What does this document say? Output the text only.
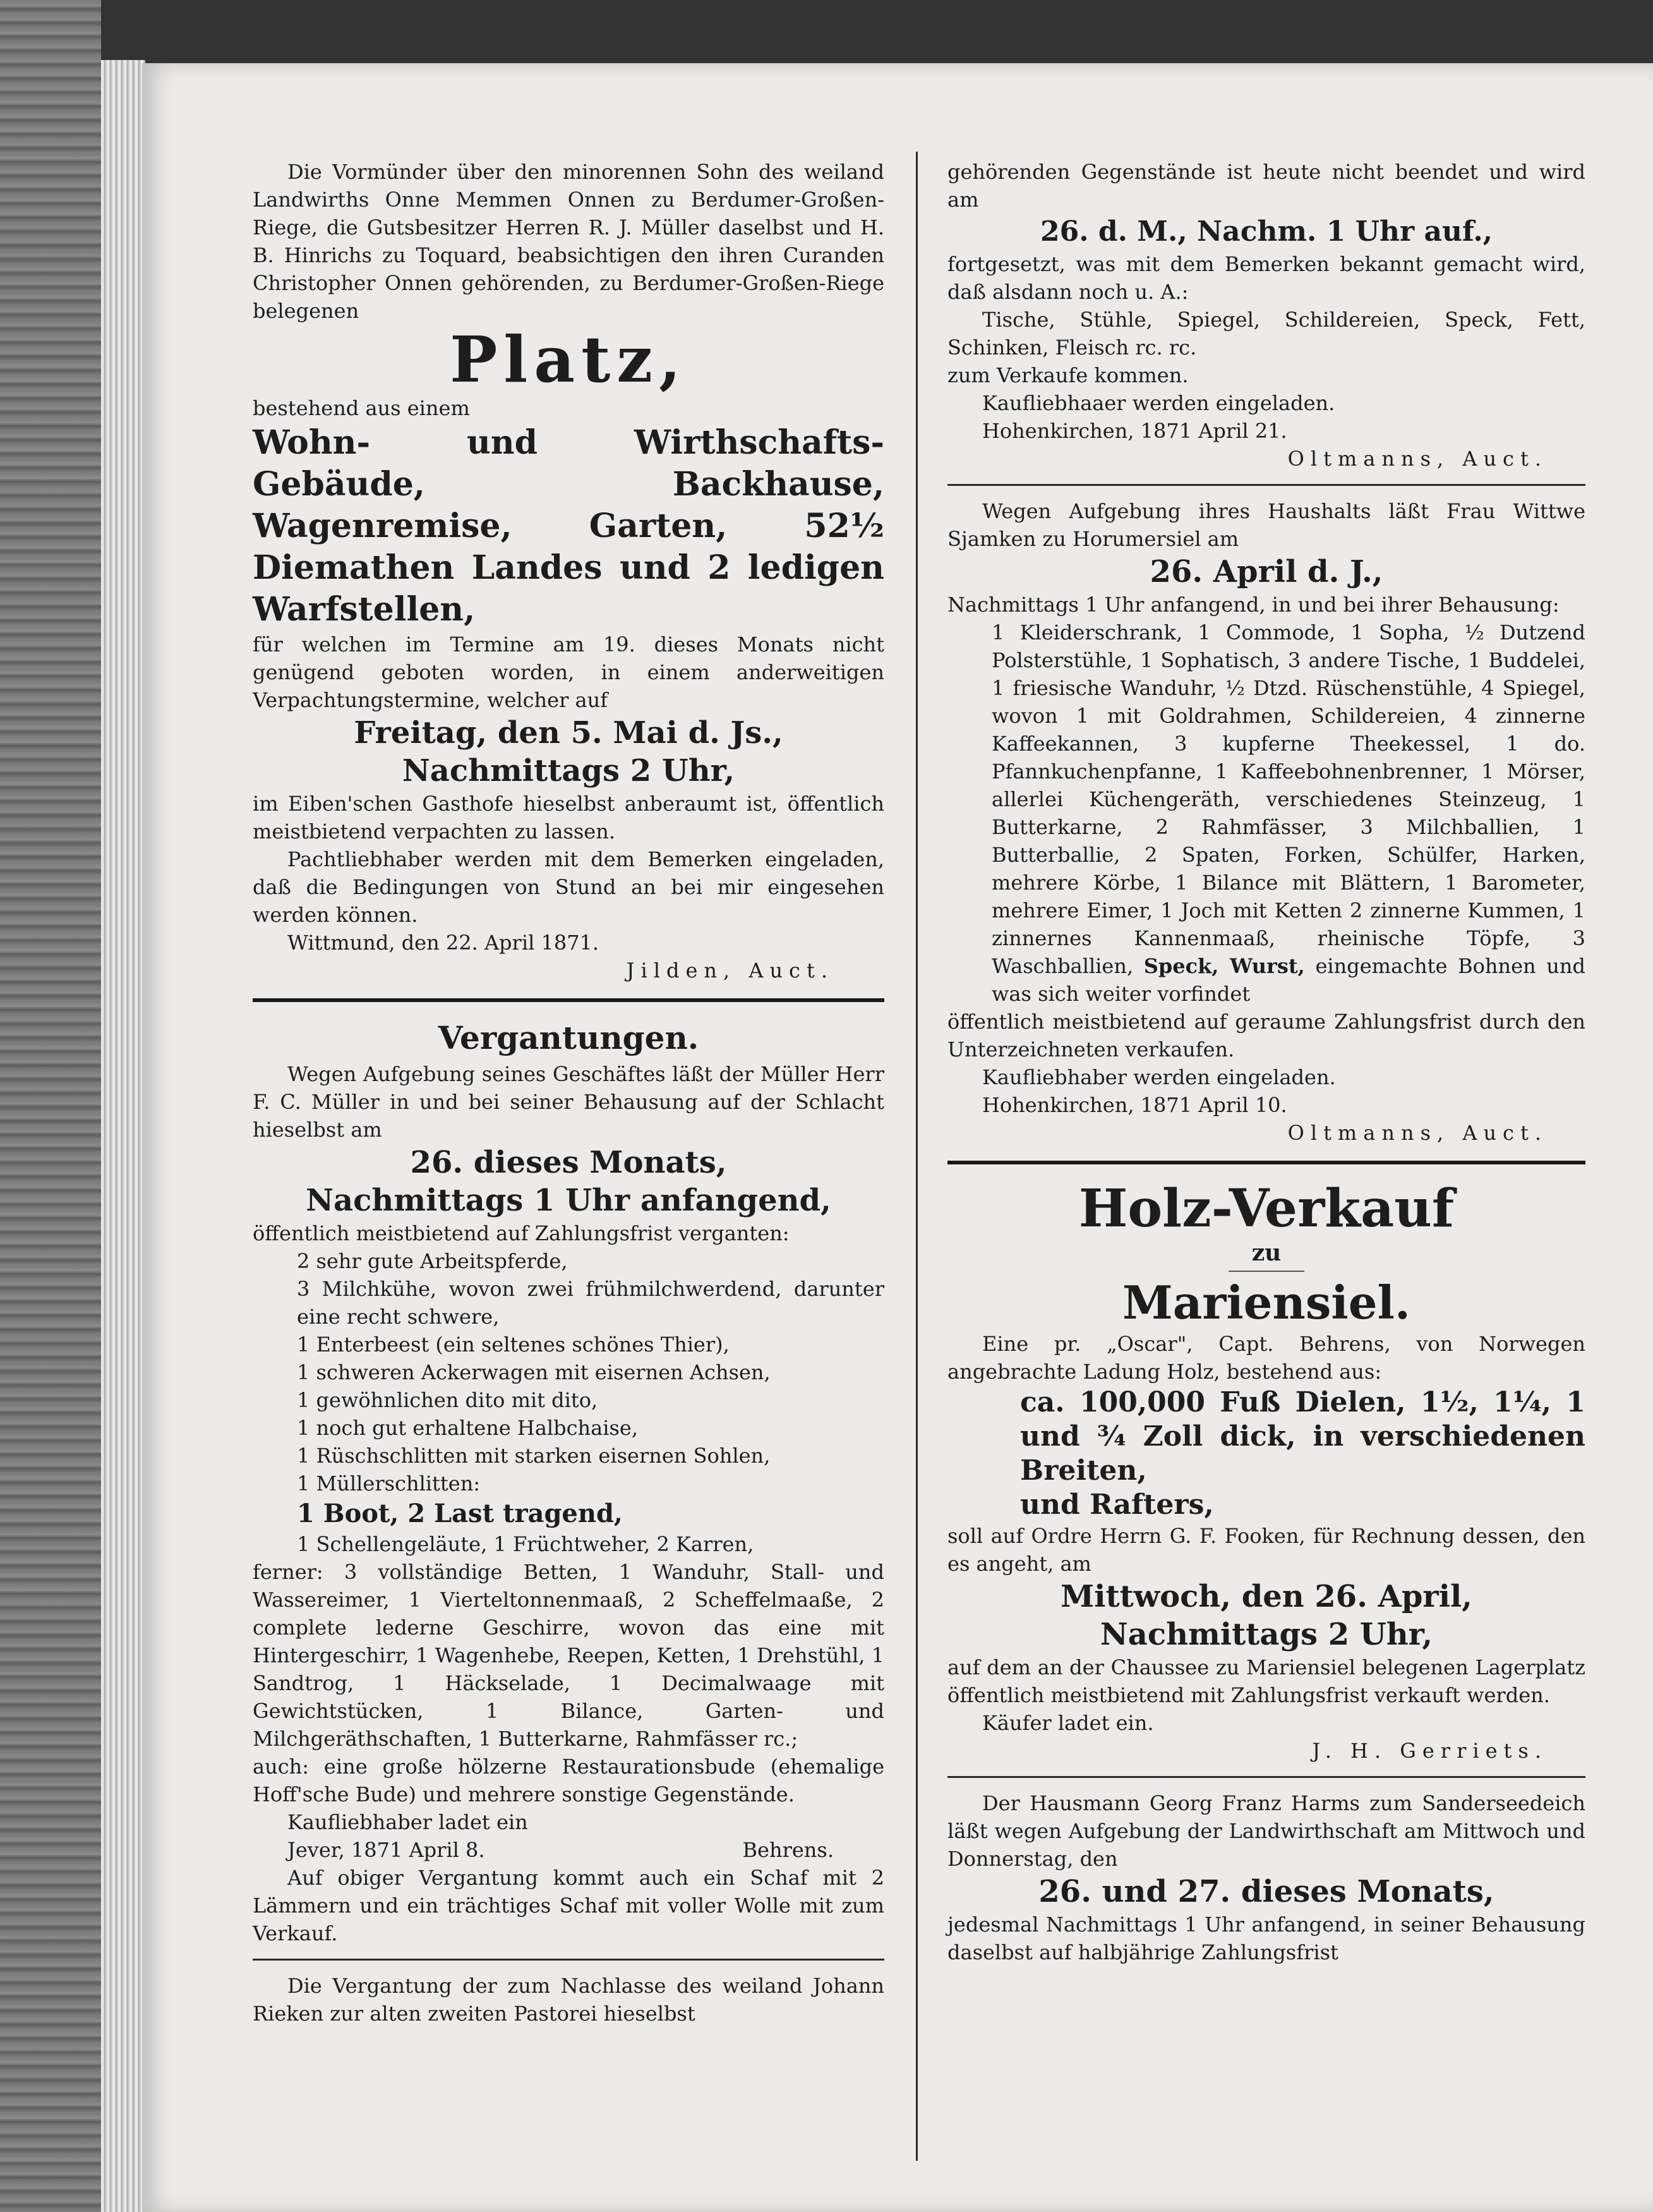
Die Vormünder über den minorennen Sohn des weiland Landwirths Onne Memmen Onnen zu Berdumer-Großen-Riege, die Gutsbesitzer Herren R. J. Müller daselbst und H. B. Hinrichs zu Toquard, beabsichtigen den ihren Curanden Christopher Onnen gehörenden, zu Berdumer-Großen-Riege belegenen

Platz,

bestehend aus einem

Wohn- und Wirthschafts-Gebäude, Backhause, Wagenremise, Garten, 52½ Diemathen Landes und 2 ledigen Warfstellen,

für welchen im Termine am 19. dieses Monats nicht genügend geboten worden, in einem anderweitigen Verpachtungstermine, welcher auf

Freitag, den 5. Mai d. Js.,

Nachmittags 2 Uhr,

im Eiben'schen Gasthofe hieselbst anberaumt ist, öffentlich meistbietend verpachten zu lassen.

Pachtliebhaber werden mit dem Bemerken eingeladen, daß die Bedingungen von Stund an bei mir eingesehen werden können.

Wittmund, den 22. April 1871.

Jilden, Auct.

Vergantungen.

Wegen Aufgebung seines Geschäftes läßt der Müller Herr F. C. Müller in und bei seiner Behausung auf der Schlacht hieselbst am

26. dieses Monats,

Nachmittags 1 Uhr anfangend,

öffentlich meistbietend auf Zahlungsfrist verganten:

2 sehr gute Arbeitspferde,

3 Milchkühe, wovon zwei frühmilchwerdend, darunter eine recht schwere,

1 Enterbeest (ein seltenes schönes Thier),

1 schweren Ackerwagen mit eisernen Achsen,

1 gewöhnlichen dito mit dito,

1 noch gut erhaltene Halbchaise,

1 Rüschschlitten mit starken eisernen Sohlen,

1 Müllerschlitten:

1 Boot, 2 Last tragend,

1 Schellengeläute, 1 Früchtweher, 2 Karren,

ferner: 3 vollständige Betten, 1 Wanduhr, Stall- und Wassereimer, 1 Vierteltonnenmaaß, 2 Scheffelmaaße, 2 complete lederne Geschirre, wovon das eine mit Hintergeschirr, 1 Wagenhebe, Reepen, Ketten, 1 Drehstühl, 1 Sandtrog, 1 Häckselade, 1 Decimalwaage mit Gewichtstücken, 1 Bilance, Garten- und Milchgeräthschaften, 1 Butterkarne, Rahmfässer rc.;

auch: eine große hölzerne Restaurationsbude (ehemalige Hoff'sche Bude) und mehrere sonstige Gegenstände.

Kaufliebhaber ladet ein

Jever, 1871 April 8.	Behrens.

Auf obiger Vergantung kommt auch ein Schaf mit 2 Lämmern und ein trächtiges Schaf mit voller Wolle mit zum Verkauf.

Die Vergantung der zum Nachlasse des weiland Johann Rieken zur alten zweiten Pastorei hieselbst

gehörenden Gegenstände ist heute nicht beendet und wird am

26. d. M., Nachm. 1 Uhr auf.,

fortgesetzt, was mit dem Bemerken bekannt gemacht wird, daß alsdann noch u. A.:

Tische, Stühle, Spiegel, Schildereien, Speck, Fett, Schinken, Fleisch rc. rc.

zum Verkaufe kommen.

Kaufliebhaaer werden eingeladen.

Hohenkirchen, 1871 April 21.

Oltmanns, Auct.

Wegen Aufgebung ihres Haushalts läßt Frau Wittwe Sjamken zu Horumersiel am

26. April d. J.,

Nachmittags 1 Uhr anfangend, in und bei ihrer Behausung:

1 Kleiderschrank, 1 Commode, 1 Sopha, ½ Dutzend Polsterstühle, 1 Sophatisch, 3 andere Tische, 1 Buddelei, 1 friesische Wanduhr, ½ Dtzd. Rüschenstühle, 4 Spiegel, wovon 1 mit Goldrahmen, Schildereien, 4 zinnerne Kaffeekannen, 3 kupferne Theekessel, 1 do. Pfannkuchenpfanne, 1 Kaffeebohnenbrenner, 1 Mörser, allerlei Küchengeräth, verschiedenes Steinzeug, 1 Butterkarne, 2 Rahmfässer, 3 Milchballien, 1 Butterballie, 2 Spaten, Forken, Schülfer, Harken, mehrere Körbe, 1 Bilance mit Blättern, 1 Barometer, mehrere Eimer, 1 Joch mit Ketten 2 zinnerne Kummen, 1 zinnernes Kannenmaaß, rheinische Töpfe, 3 Waschballien, Speck, Wurst, eingemachte Bohnen und was sich weiter vorfindet

öffentlich meistbietend auf geraume Zahlungsfrist durch den Unterzeichneten verkaufen.

Kaufliebhaber werden eingeladen.

Hohenkirchen, 1871 April 10.

Oltmanns, Auct.

Holz-Verkauf

zu

Mariensiel.

Eine pr. „Oscar", Capt. Behrens, von Norwegen angebrachte Ladung Holz, bestehend aus:

ca. 100,000 Fuß Dielen, 1½, 1¼, 1 und ¾ Zoll dick, in verschiedenen Breiten,

und Rafters,

soll auf Ordre Herrn G. F. Fooken, für Rechnung dessen, den es angeht, am

Mittwoch, den 26. April,

Nachmittags 2 Uhr,

auf dem an der Chaussee zu Mariensiel belegenen Lagerplatz öffentlich meistbietend mit Zahlungsfrist verkauft werden.

Käufer ladet ein.

J. H. Gerriets.

Der Hausmann Georg Franz Harms zum Sanderseedeich läßt wegen Aufgebung der Landwirthschaft am Mittwoch und Donnerstag, den

26. und 27. dieses Monats,

jedesmal Nachmittags 1 Uhr anfangend, in seiner Behausung daselbst auf halbjährige Zahlungsfrist
